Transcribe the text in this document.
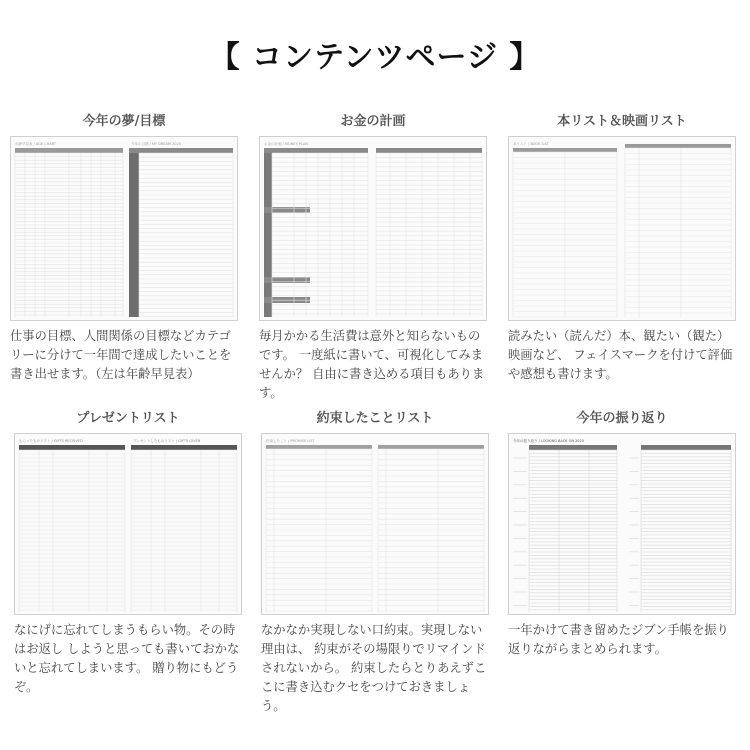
【 コンテンツページ 】
今年の夢/目標
年齢早見表 / AGE CHART	今年の目標 / MY DREAM 2025
仕事の目標、人間関係の目標などカテゴリーに分けて一年間で達成したいことを書き出せます。（左は年齢早見表）
お金の計画
お金の計画 / MONEY PLAN
毎月かかる生活費は意外と知らないものです。 一度紙に書いて、可視化してみませんか？ 自由に書き込める項目もあります。
本リスト＆映画リスト
本リスト / BOOK LIST
読みたい（読んだ）本、観たい（観た）映画など、 フェイスマークを付けて評価や感想も書けます。
プレゼントリスト
もらったものリスト / GIFTS RECEIVED	プレゼントしたものリスト / GIFTS GIVEN
なにげに忘れてしまうもらい物。その時はお返し しようと思っても書いておかないと忘れてしまいます。 贈り物にもどうぞ。
約束したことリスト
約束したこと / PROMISE LIST
なかなか実現しない口約束。実現しない理由は、 約束がその場限りでリマインドされないから。 約束したらとりあえずここに書き込むクセをつけておきましょう。
今年の振り返り
今年の振り返り / LOOKING BACK ON 2025
一年かけて書き留めたジブン手帳を振り返りながらまとめられます。
